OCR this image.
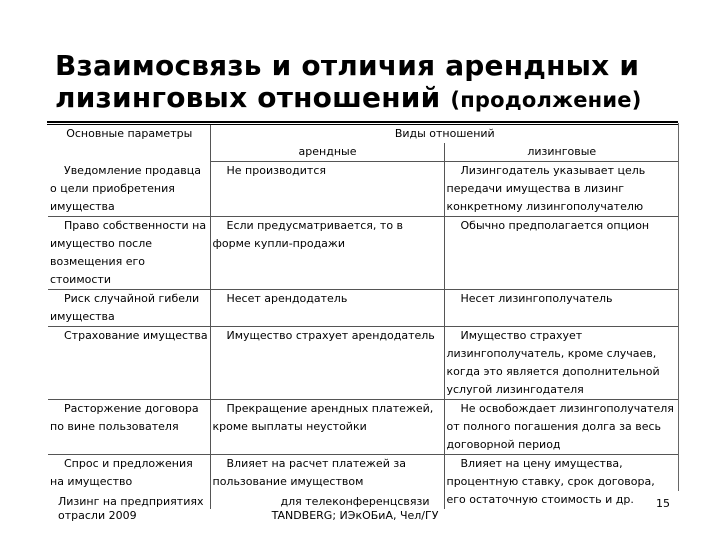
Взаимосвязь и отличия арендных и
лизинговых отношений (продолжение)
Основные параметры	Виды отношений	
	арендные	лизинговые
Уведомление продавца о цели приобретения имущества	Не производится	Лизингодатель указывает цель передачи имущества в лизинг конкретному лизингополучателю
Право собственности на имущество после возмещения его стоимости	Если предусматривается, то в форме купли-продажи	Обычно предполагается опцион
Риск случайной гибели имущества	Несет арендодатель	Несет лизингополучатель
Страхование имущества	Имущество страхует арендодатель	Имущество страхует лизингополучатель, кроме случаев, когда это является дополнительной услугой лизингодателя
Расторжение договора по вине пользователя	Прекращение арендных платежей, кроме выплаты неустойки	Не освобождает лизингополучателя от полного погашения долга за весь договорной период
Спрос и предложения на имущество	Влияет на расчет платежей за пользование имуществом	Влияет на цену имущества, процентную ставку, срок договора, его остаточную стоимость и др.
Лизинг на предприятиях отрасли 2009
для телеконференцсвязи TANDBERG; ИЭкОБиА, Чел/ГУ
15
